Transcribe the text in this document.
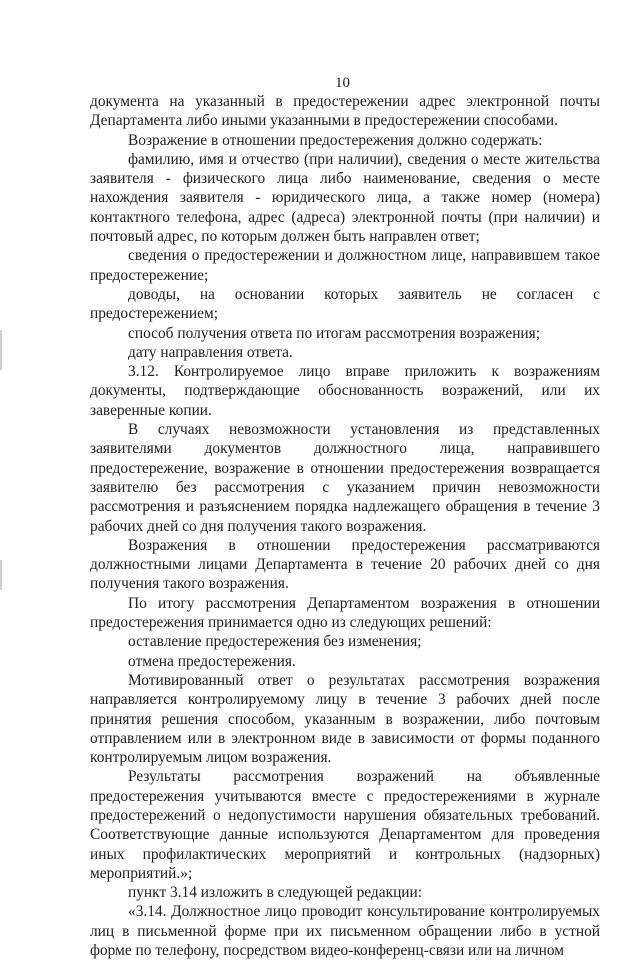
10

документа на указанный в предостережении адрес электронной почты Департамента либо иными указанными в предостережении способами.

Возражение в отношении предостережения должно содержать:

фамилию, имя и отчество (при наличии), сведения о месте жительства заявителя - физического лица либо наименование, сведения о месте нахождения заявителя - юридического лица, а также номер (номера) контактного телефона, адрес (адреса) электронной почты (при наличии) и почтовый адрес, по которым должен быть направлен ответ;

сведения о предостережении и должностном лице, направившем такое предостережение;

доводы, на основании которых заявитель не согласен с предостережением;

способ получения ответа по итогам рассмотрения возражения;

дату направления ответа.

3.12. Контролируемое лицо вправе приложить к возражениям документы, подтверждающие обоснованность возражений, или их заверенные копии.

В случаях невозможности установления из представленных заявителями документов должностного лица, направившего предостережение, возражение в отношении предостережения возвращается заявителю без рассмотрения с указанием причин невозможности рассмотрения и разъяснением порядка надлежащего обращения в течение 3 рабочих дней со дня получения такого возражения.

Возражения в отношении предостережения рассматриваются должностными лицами Департамента в течение 20 рабочих дней со дня получения такого возражения.

По итогу рассмотрения Департаментом возражения в отношении предостережения принимается одно из следующих решений:

оставление предостережения без изменения;

отмена предостережения.

Мотивированный ответ о результатах рассмотрения возражения направляется контролируемому лицу в течение 3 рабочих дней после принятия решения способом, указанным в возражении, либо почтовым отправлением или в электронном виде в зависимости от формы поданного контролируемым лицом возражения.

Результаты рассмотрения возражений на объявленные предостережения учитываются вместе с предостережениями в журнале предостережений о недопустимости нарушения обязательных требований. Соответствующие данные используются Департаментом для проведения иных профилактических мероприятий и контрольных (надзорных) мероприятий.»;

пункт 3.14 изложить в следующей редакции:

«3.14. Должностное лицо проводит консультирование контролируемых лиц в письменной форме при их письменном обращении либо в устной форме по телефону, посредством видео-конференц-связи или на личном
